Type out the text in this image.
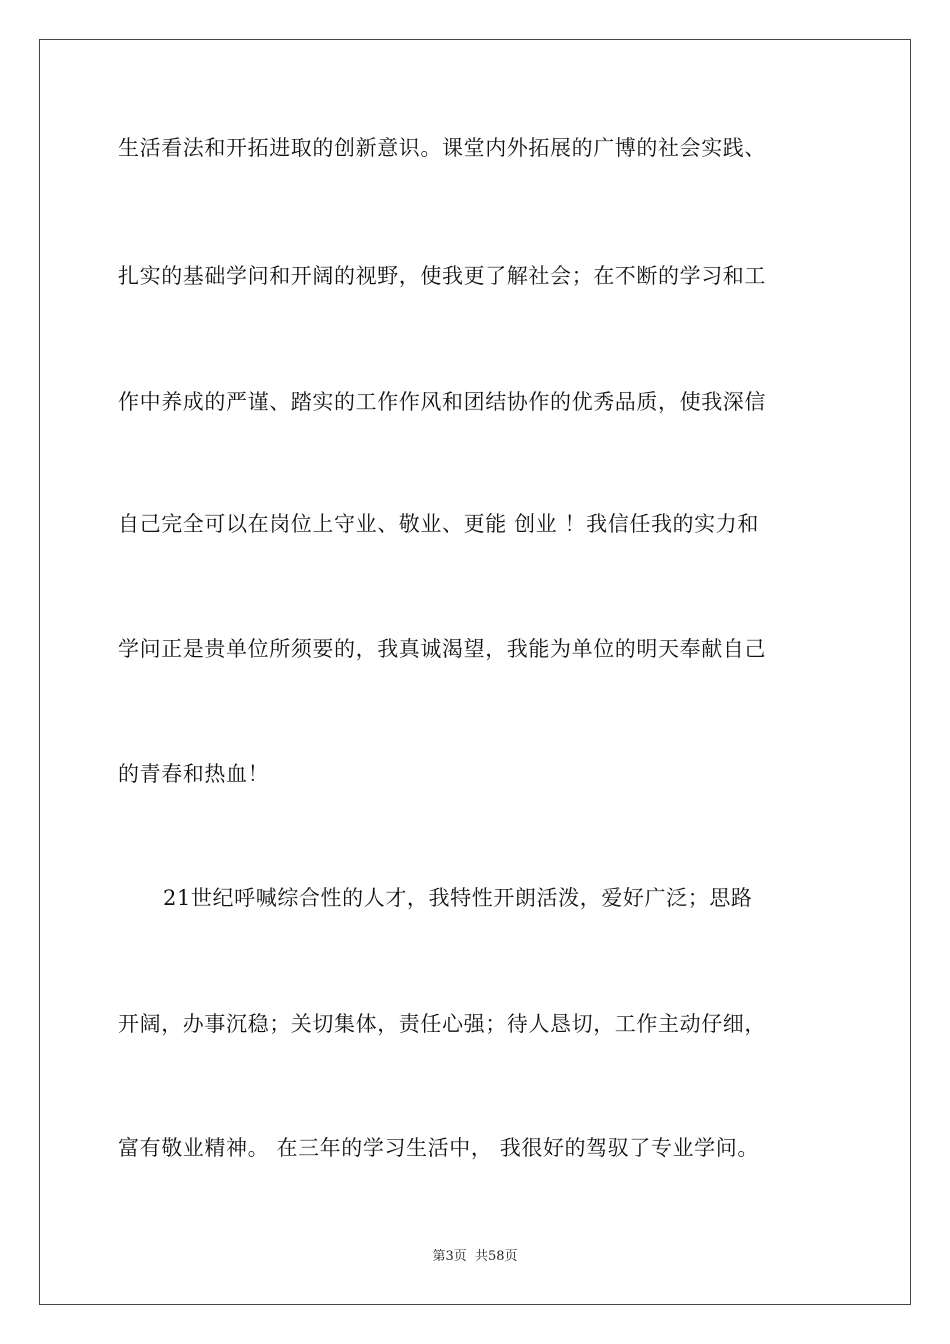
生活看法和开拓进取的创新意识。课堂内外拓展的广博的社会实践、
扎实的基础学问和开阔的视野，使我更了解社会；在不断的学习和工
作中养成的严谨、踏实的工作作风和团结协作的优秀品质，使我深信
自己完全可以在岗位上守业、敬业、更能 创业 ！我信任我的实力和
学问正是贵单位所须要的，我真诚渴望，我能为单位的明天奉献自己
的青春和热血！
21世纪呼喊综合性的人才，我特性开朗活泼，爱好广泛；思路
开阔，办事沉稳；关切集体，责任心强；待人恳切，工作主动仔细，
富有敬业精神。 在三年的学习生活中， 我很好的驾驭了专业学问。
第3页 共58页
